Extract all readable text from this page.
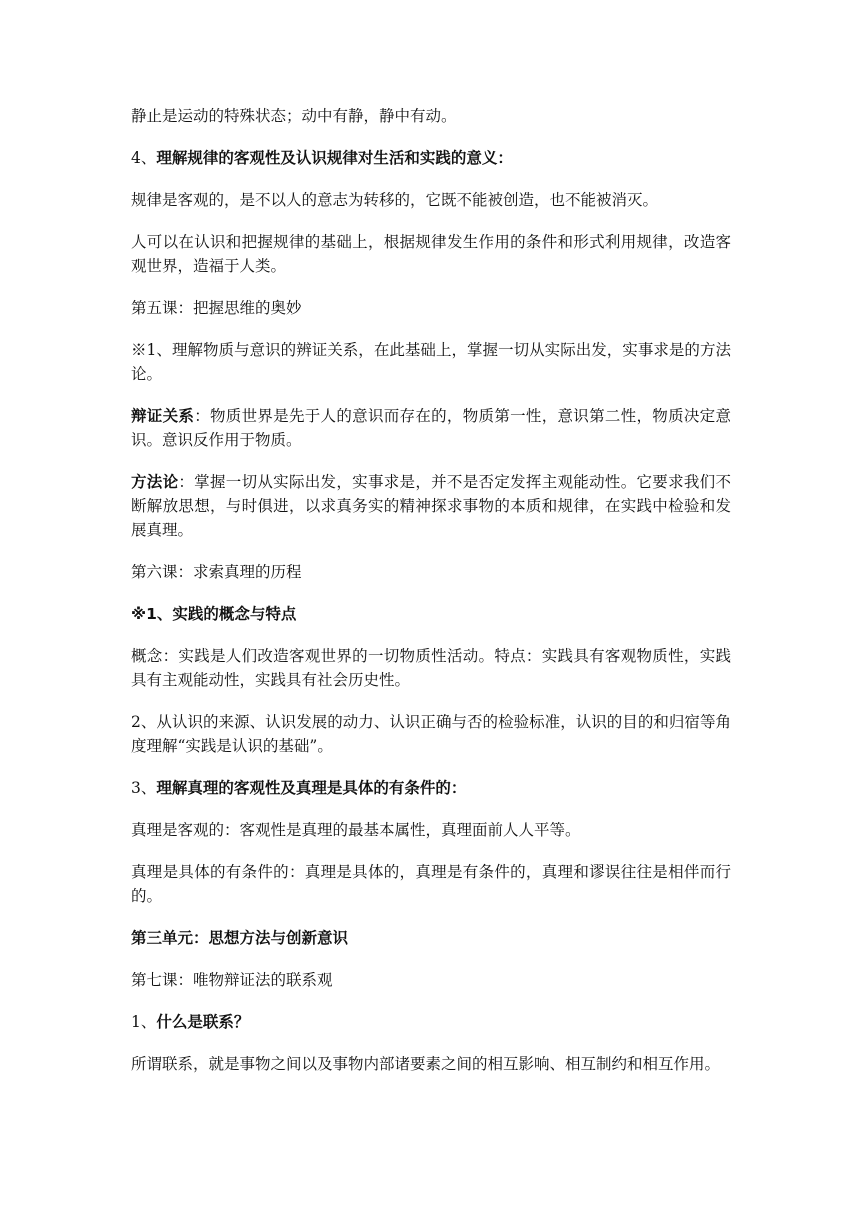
静止是运动的特殊状态；动中有静，静中有动。

4、理解规律的客观性及认识规律对生活和实践的意义：

规律是客观的，是不以人的意志为转移的，它既不能被创造，也不能被消灭。

人可以在认识和把握规律的基础上，根据规律发生作用的条件和形式利用规律，改造客观世界，造福于人类。

第五课：把握思维的奥妙

※1、理解物质与意识的辨证关系，在此基础上，掌握一切从实际出发，实事求是的方法论。

辩证关系：物质世界是先于人的意识而存在的，物质第一性，意识第二性，物质决定意识。意识反作用于物质。

方法论：掌握一切从实际出发，实事求是，并不是否定发挥主观能动性。它要求我们不断解放思想，与时俱进，以求真务实的精神探求事物的本质和规律，在实践中检验和发展真理。

第六课：求索真理的历程

※1、实践的概念与特点

概念：实践是人们改造客观世界的一切物质性活动。特点：实践具有客观物质性，实践具有主观能动性，实践具有社会历史性。

2、从认识的来源、认识发展的动力、认识正确与否的检验标准，认识的目的和归宿等角度理解“实践是认识的基础”。

3、理解真理的客观性及真理是具体的有条件的：

真理是客观的：客观性是真理的最基本属性，真理面前人人平等。

真理是具体的有条件的：真理是具体的，真理是有条件的，真理和谬误往往是相伴而行的。

第三单元：思想方法与创新意识

第七课：唯物辩证法的联系观

1、什么是联系？

所谓联系，就是事物之间以及事物内部诸要素之间的相互影响、相互制约和相互作用。
